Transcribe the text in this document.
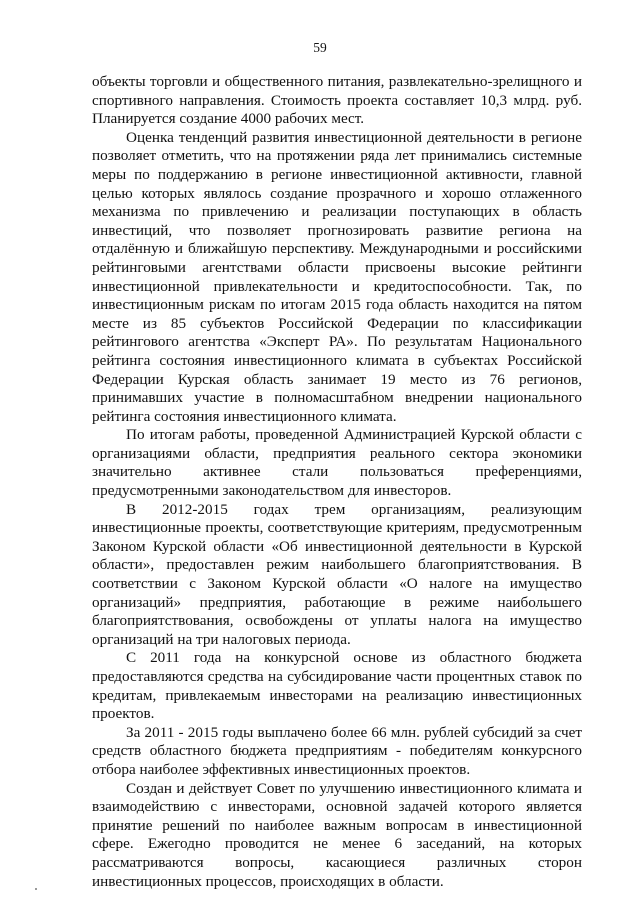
59

объекты торговли и общественного питания, развлекательно-зрелищного и спортивного направления. Стоимость проекта составляет 10,3 млрд. руб. Планируется создание 4000 рабочих мест.

Оценка тенденций развития инвестиционной деятельности в регионе позволяет отметить, что на протяжении ряда лет принимались системные меры по поддержанию в регионе инвестиционной активности, главной целью которых являлось создание прозрачного и хорошо отлаженного механизма по привлечению и реализации поступающих в область инвестиций, что позволяет прогнозировать развитие региона на отдалённую и ближайшую перспективу. Международными и российскими рейтинговыми агентствами области присвоены высокие рейтинги инвестиционной привлекательности и кредитоспособности. Так, по инвестиционным рискам по итогам 2015 года область находится на пятом месте из 85 субъектов Российской Федерации по классификации рейтингового агентства «Эксперт РА». По результатам Национального рейтинга состояния инвестиционного климата в субъектах Российской Федерации Курская область занимает 19 место из 76 регионов, принимавших участие в полномасштабном внедрении национального рейтинга состояния инвестиционного климата.

По итогам работы, проведенной Администрацией Курской области с организациями области, предприятия реального сектора экономики значительно активнее стали пользоваться преференциями, предусмотренными законодательством для инвесторов.

В 2012-2015 годах трем организациям, реализующим инвестиционные проекты, соответствующие критериям, предусмотренным Законом Курской области «Об инвестиционной деятельности в Курской области», предоставлен режим наибольшего благоприятствования. В соответствии с Законом Курской области «О налоге на имущество организаций» предприятия, работающие в режиме наибольшего благоприятствования, освобождены от уплаты налога на имущество организаций на три налоговых периода.

С 2011 года на конкурсной основе из областного бюджета предоставляются средства на субсидирование части процентных ставок по кредитам, привлекаемым инвесторами на реализацию инвестиционных проектов.

За 2011 - 2015 годы выплачено более 66 млн. рублей субсидий за счет средств областного бюджета предприятиям - победителям конкурсного отбора наиболее эффективных инвестиционных проектов.

Создан и действует Совет по улучшению инвестиционного климата и взаимодействию с инвесторами, основной задачей которого является принятие решений по наиболее важным вопросам в инвестиционной сфере. Ежегодно проводится не менее 6 заседаний, на которых рассматриваются вопросы, касающиеся различных сторон инвестиционных процессов, происходящих в области.
